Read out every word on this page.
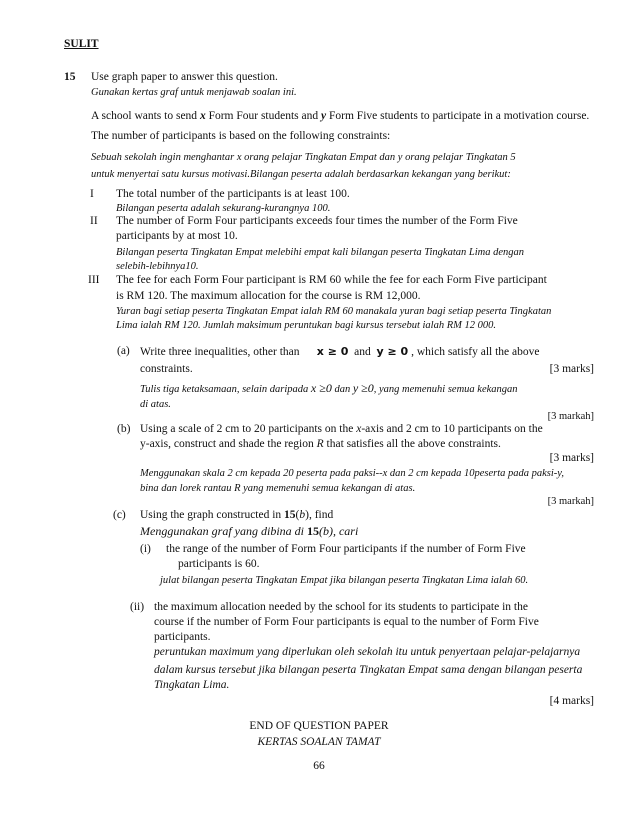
SULIT
15 Use graph paper to answer this question.
Gunakan kertas graf untuk menjawab soalan ini.
A school wants to send x Form Four students and y Form Five students to participate in a motivation course.
The number of participants is based on the following constraints:
Sebuah sekolah ingin menghantar x orang pelajar Tingkatan Empat dan y orang pelajar Tingkatan 5
untuk menyertai satu kursus motivasi.Bilangan peserta adalah berdasarkan kekangan yang berikut:
I The total number of the participants is at least 100.
Bilangan peserta adalah sekurang-kurangnya 100.
II The number of Form Four participants exceeds four times the number of the Form Five
participants by at most 10.
Bilangan peserta Tingkatan Empat melebihi empat kali bilangan peserta Tingkatan Lima dengan
selebih-lebihnya10.
III The fee for each Form Four participant is RM 60 while the fee for each Form Five participant
is RM 120. The maximum allocation for the course is RM 12,000.
Yuran bagi setiap peserta Tingkatan Empat ialah RM 60 manakala yuran bagi setiap peserta Tingkatan
Lima ialah RM 120. Jumlah maksimum peruntukan bagi kursus tersebut ialah RM 12 000.
(a) Write three inequalities, other than x ≥ 0 and y ≥ 0 , which satisfy all the above
constraints.	[3 marks]
Tulis tiga ketaksamaan, selain daripada x ≥0 dan y ≥0, yang memenuhi semua kekangan
di atas.
[3 markah]
(b) Using a scale of 2 cm to 20 participants on the x-axis and 2 cm to 10 participants on the
y-axis, construct and shade the region R that satisfies all the above constraints.
[3 marks]
Menggunakan skala 2 cm kepada 20 peserta pada paksi--x dan 2 cm kepada 10peserta pada paksi-y,
bina dan lorek rantau R yang memenuhi semua kekangan di atas.
[3 markah]
(c) Using the graph constructed in 15(b), find
Menggunakan graf yang dibina di 15(b), cari
(i) the range of the number of Form Four participants if the number of Form Five
participants is 60.
julat bilangan peserta Tingkatan Empat jika bilangan peserta Tingkatan Lima ialah 60.
(ii) the maximum allocation needed by the school for its students to participate in the
course if the number of Form Four participants is equal to the number of Form Five
participants.
peruntukan maximum yang diperlukan oleh sekolah itu untuk penyertaan pelajar-pelajarnya
dalam kursus tersebut jika bilangan peserta Tingkatan Empat sama dengan bilangan peserta
Tingkatan Lima.
[4 marks]
END OF QUESTION PAPER
KERTAS SOALAN TAMAT
66
